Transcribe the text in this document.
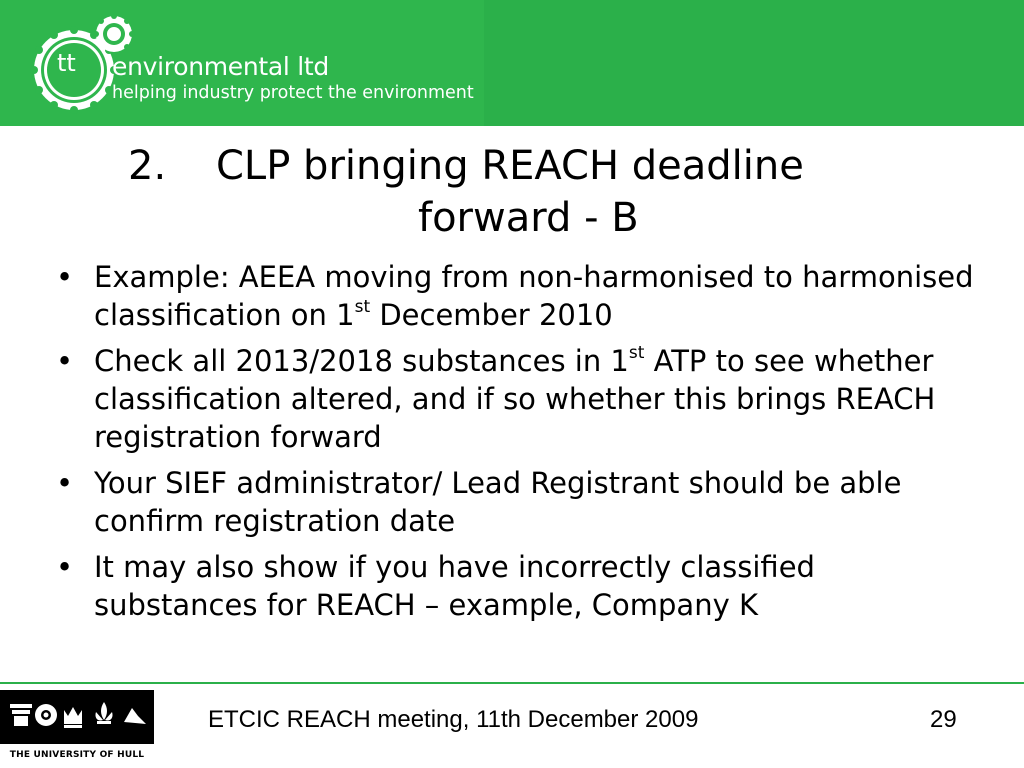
tt environmental ltd
helping industry protect the environment
2. CLP bringing REACH deadline
forward - B
• Example: AEEA moving from non-harmonised to harmonised classification on 1st December 2010
• Check all 2013/2018 substances in 1st ATP to see whether classification altered, and if so whether this brings REACH registration forward
• Your SIEF administrator/ Lead Registrant should be able confirm registration date
• It may also show if you have incorrectly classified substances for REACH – example, Company K
THE UNIVERSITY OF HULL
ETCIC REACH meeting, 11th December 2009	29
